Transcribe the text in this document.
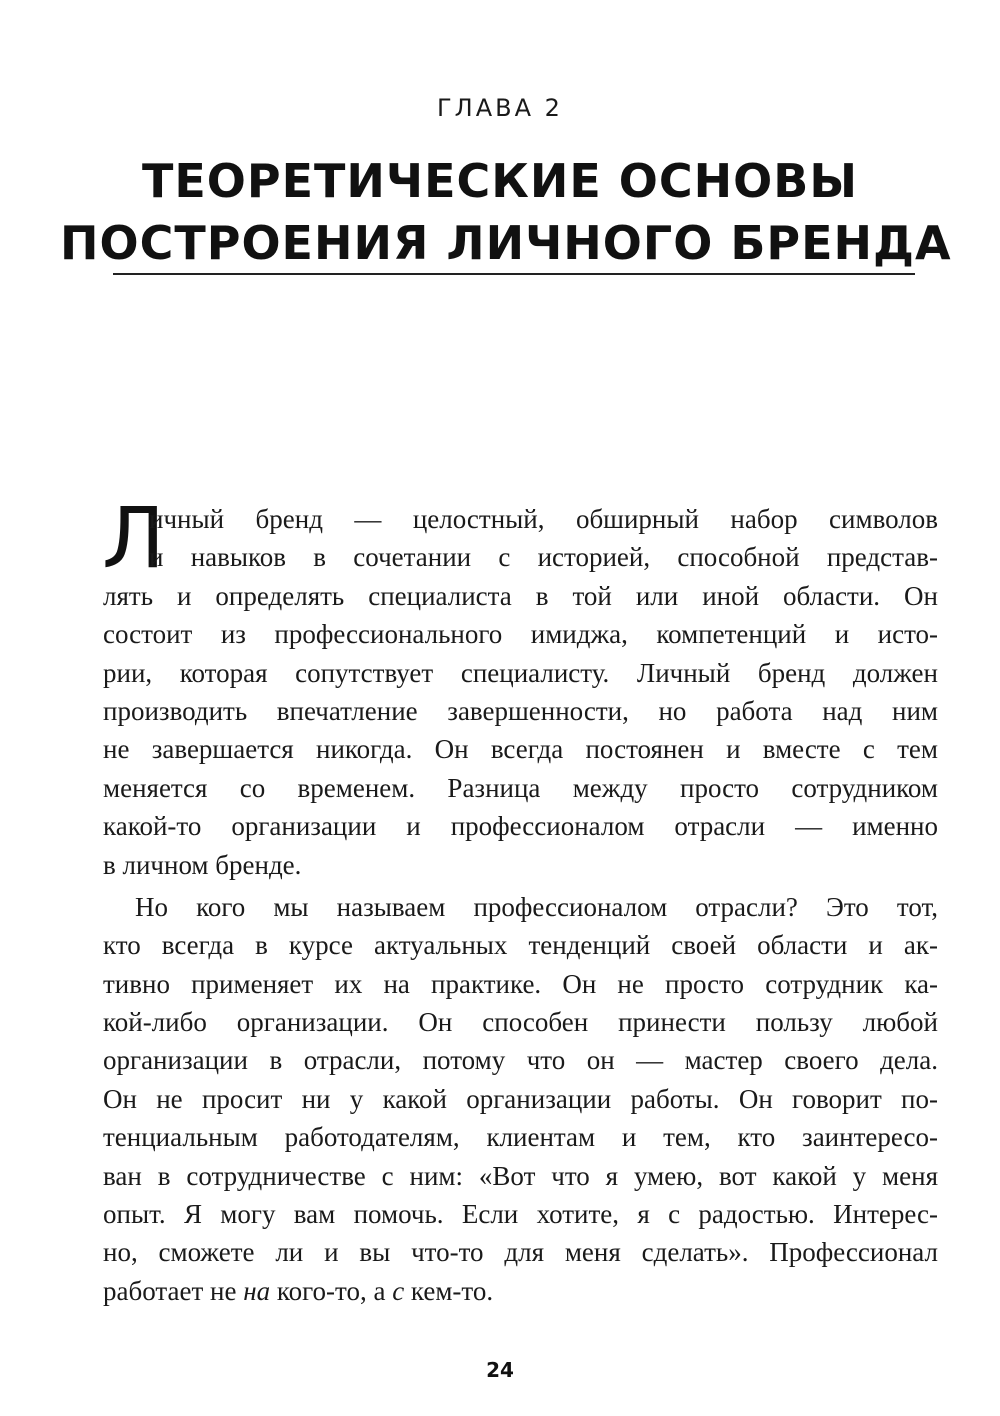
ГЛАВА 2
ТЕОРЕТИЧЕСКИЕ ОСНОВЫ
ПОСТРОЕНИЯ ЛИЧНОГО БРЕНДА
Л
ичный бренд — целостный, обширный набор символов
и навыков в сочетании с историей, способной представ-
лять и определять специалиста в той или иной области. Он
состоит из профессионального имиджа, компетенций и исто-
рии, которая сопутствует специалисту. Личный бренд должен
производить впечатление завершенности, но работа над ним
не завершается никогда. Он всегда постоянен и вместе с тем
меняется со временем. Разница между просто сотрудником
какой-то организации и профессионалом отрасли — именно
в личном бренде.
Но кого мы называем профессионалом отрасли? Это тот,
кто всегда в курсе актуальных тенденций своей области и ак-
тивно применяет их на практике. Он не просто сотрудник ка-
кой-либо организации. Он способен принести пользу любой
организации в отрасли, потому что он — мастер своего дела.
Он не просит ни у какой организации работы. Он говорит по-
тенциальным работодателям, клиентам и тем, кто заинтересо-
ван в сотрудничестве с ним: «Вот что я умею, вот какой у меня
опыт. Я могу вам помочь. Если хотите, я с радостью. Интерес-
но, сможете ли и вы что-то для меня сделать». Профессионал
работает не на кого-то, а с кем-то.
24
